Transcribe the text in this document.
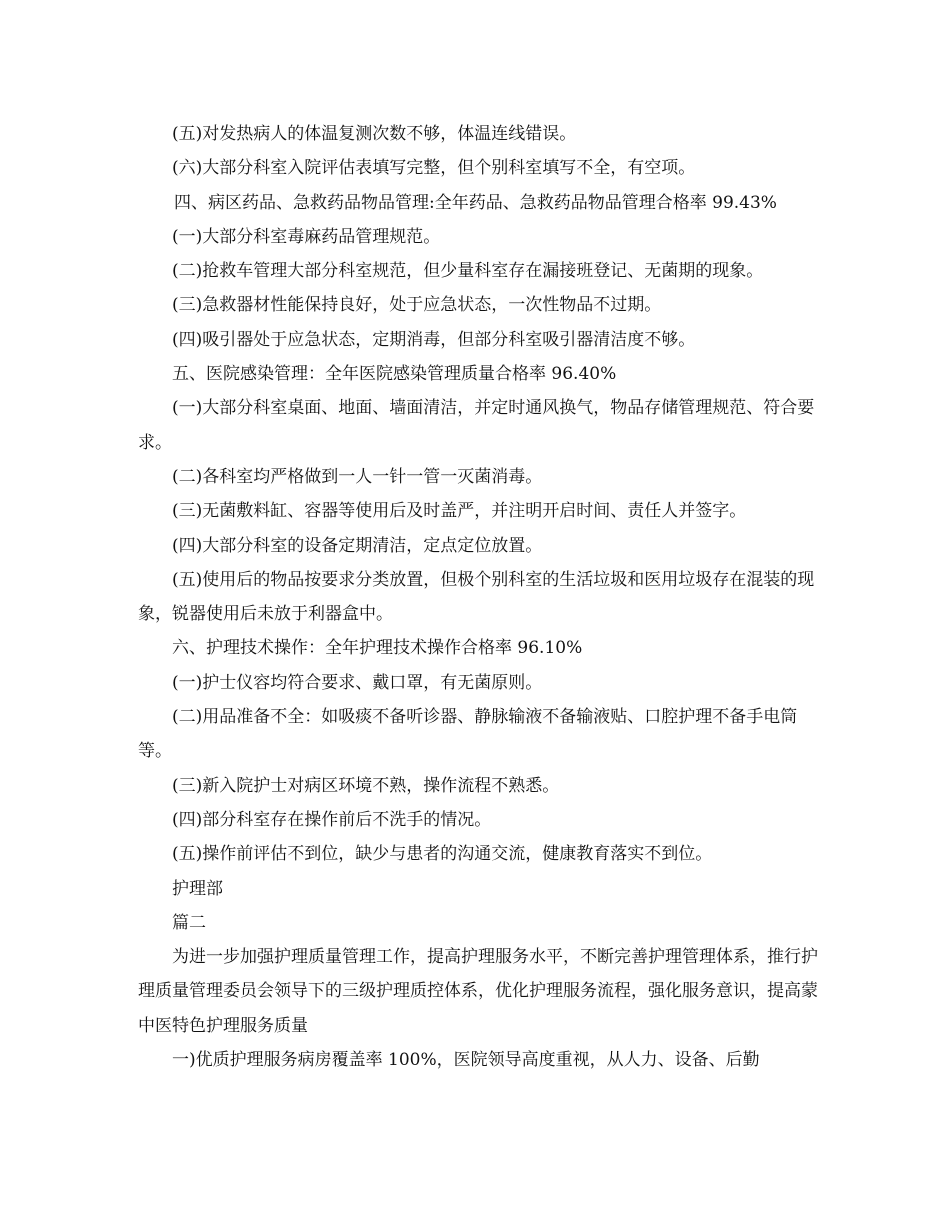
(五)对发热病人的体温复测次数不够，体温连线错误。

(六)大部分科室入院评估表填写完整，但个别科室填写不全，有空项。

四、病区药品、急救药品物品管理:全年药品、急救药品物品管理合格率 99.43%

(一)大部分科室毒麻药品管理规范。

(二)抢救车管理大部分科室规范，但少量科室存在漏接班登记、无菌期的现象。

(三)急救器材性能保持良好，处于应急状态，一次性物品不过期。

(四)吸引器处于应急状态，定期消毒，但部分科室吸引器清洁度不够。

五、医院感染管理：全年医院感染管理质量合格率 96.40%

(一)大部分科室桌面、地面、墙面清洁，并定时通风换气，物品存储管理规范、符合要求。

(二)各科室均严格做到一人一针一管一灭菌消毒。

(三)无菌敷料缸、容器等使用后及时盖严，并注明开启时间、责任人并签字。

(四)大部分科室的设备定期清洁，定点定位放置。

(五)使用后的物品按要求分类放置，但极个别科室的生活垃圾和医用垃圾存在混装的现象，锐器使用后未放于利器盒中。

六、护理技术操作：全年护理技术操作合格率 96.10%

(一)护士仪容均符合要求、戴口罩，有无菌原则。

(二)用品准备不全：如吸痰不备听诊器、静脉输液不备输液贴、口腔护理不备手电筒等。

(三)新入院护士对病区环境不熟，操作流程不熟悉。

(四)部分科室存在操作前后不洗手的情况。

(五)操作前评估不到位，缺少与患者的沟通交流，健康教育落实不到位。

护理部

篇二

为进一步加强护理质量管理工作，提高护理服务水平，不断完善护理管理体系，推行护理质量管理委员会领导下的三级护理质控体系，优化护理服务流程，强化服务意识，提高蒙中医特色护理服务质量

一)优质护理服务病房覆盖率 100%，医院领导高度重视，从人力、设备、后勤
